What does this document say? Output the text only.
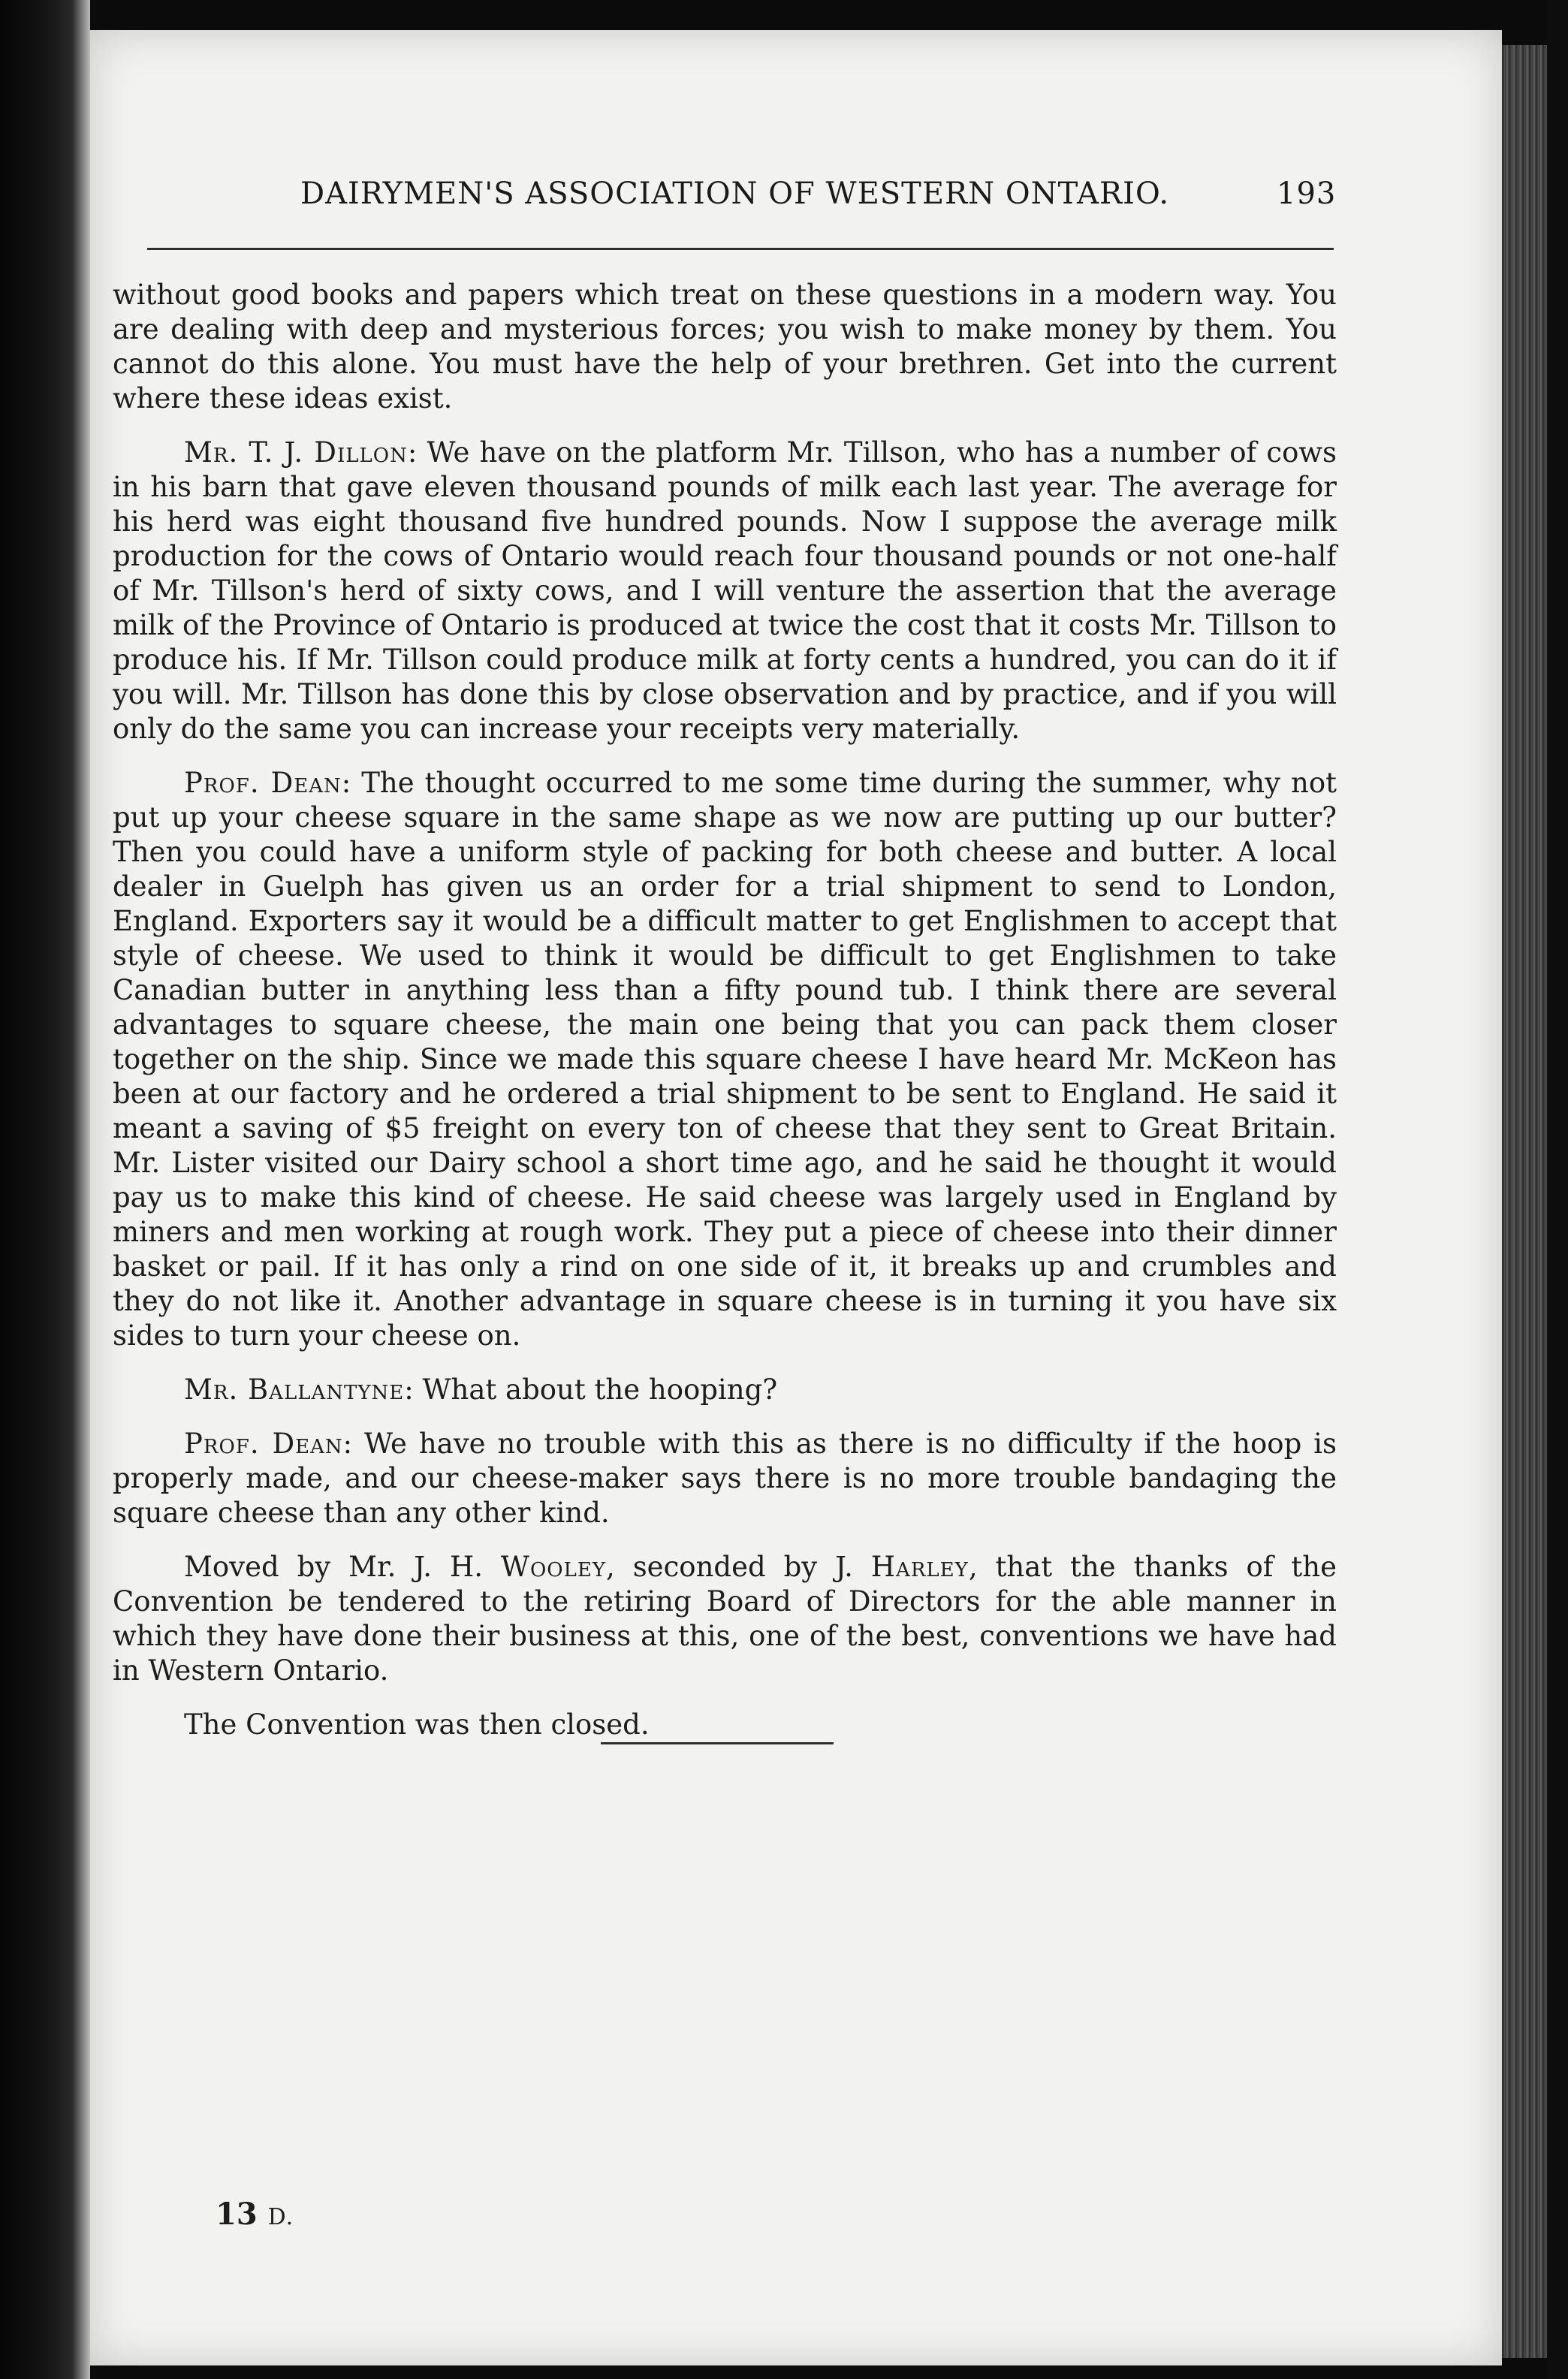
DAIRYMEN'S ASSOCIATION OF WESTERN ONTARIO.	193

without good books and papers which treat on these questions in a modern way. You are dealing with deep and mysterious forces; you wish to make money by them. You cannot do this alone. You must have the help of your brethren. Get into the current where these ideas exist.

Mr. T. J. Dillon: We have on the platform Mr. Tillson, who has a number of cows in his barn that gave eleven thousand pounds of milk each last year. The average for his herd was eight thousand five hundred pounds. Now I suppose the average milk production for the cows of Ontario would reach four thousand pounds or not one-half of Mr. Tillson's herd of sixty cows, and I will venture the assertion that the average milk of the Province of Ontario is produced at twice the cost that it costs Mr. Tillson to produce his. If Mr. Tillson could produce milk at forty cents a hundred, you can do it if you will. Mr. Tillson has done this by close observation and by practice, and if you will only do the same you can increase your receipts very materially.

Prof. Dean: The thought occurred to me some time during the summer, why not put up your cheese square in the same shape as we now are putting up our butter? Then you could have a uniform style of packing for both cheese and butter. A local dealer in Guelph has given us an order for a trial shipment to send to London, England. Exporters say it would be a difficult matter to get Englishmen to accept that style of cheese. We used to think it would be difficult to get Englishmen to take Canadian butter in anything less than a fifty pound tub. I think there are several advantages to square cheese, the main one being that you can pack them closer together on the ship. Since we made this square cheese I have heard Mr. McKeon has been at our factory and he ordered a trial shipment to be sent to England. He said it meant a saving of $5 freight on every ton of cheese that they sent to Great Britain. Mr. Lister visited our Dairy school a short time ago, and he said he thought it would pay us to make this kind of cheese. He said cheese was largely used in England by miners and men working at rough work. They put a piece of cheese into their dinner basket or pail. If it has only a rind on one side of it, it breaks up and crumbles and they do not like it. Another advantage in square cheese is in turning it you have six sides to turn your cheese on.

Mr. Ballantyne: What about the hooping?

Prof. Dean: We have no trouble with this as there is no difficulty if the hoop is properly made, and our cheese-maker says there is no more trouble bandaging the square cheese than any other kind.

Moved by Mr. J. H. Wooley, seconded by J. Harley, that the thanks of the Convention be tendered to the retiring Board of Directors for the able manner in which they have done their business at this, one of the best, conventions we have had in Western Ontario.

The Convention was then closed.

13 D.
